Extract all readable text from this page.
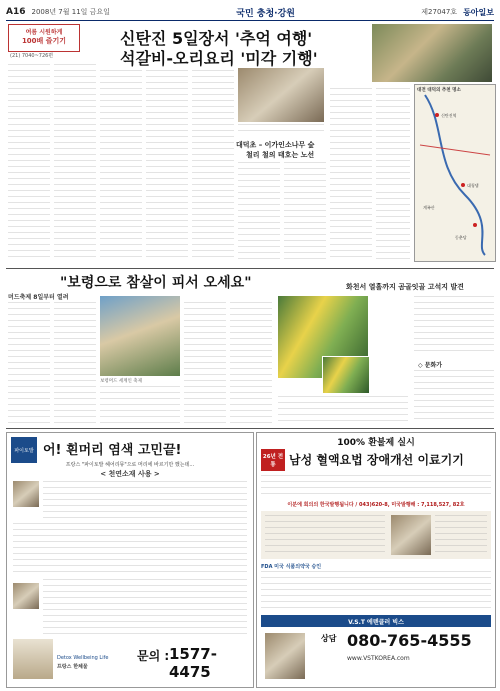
A16 2008년 7월 11일 금요일	국민 충청·강원	제27047호 동아일보
여름 시원하게
100배 즐기기
(21) 7040~726편
신탄진 5일장서 '추억 여행'
석갈비-오리요리 '미각 기행'
대덕초 – 이가인소나무 숲
철리 철의 태호는 노선
대전 대덕의 추천 명소
신탄진역
대청댐
계족산
동춘당
"보령으로 참살이 피서 오세요"
머드축제 8일부터 열려
보령머드 세계인 축제
화천서 열흘까지 곰골잇골 고석지 발견
◇ 문화가
파이토발 어! 흰머리 염색 고민끝!
프랑스 "파이토발 헤어리뮤"으로 머리에 바르기만 했는데...
< 천연소재 사용 >
Detox Wellbeing Life
프랑스 한체물
문의 : 1577-4475
100% 환불제 실시
26년 전통	남성 혈액요법 장애개선 이료기기
이분에 회의의 한국발행됩니다 / 043)620-8, 미국발행해 : 7,118,527, 82호
FDA 미국 식품의약국 승인
V.S.T 에텐클러 빅스
상담 080-765-4555
www.VSTKOREA.com
